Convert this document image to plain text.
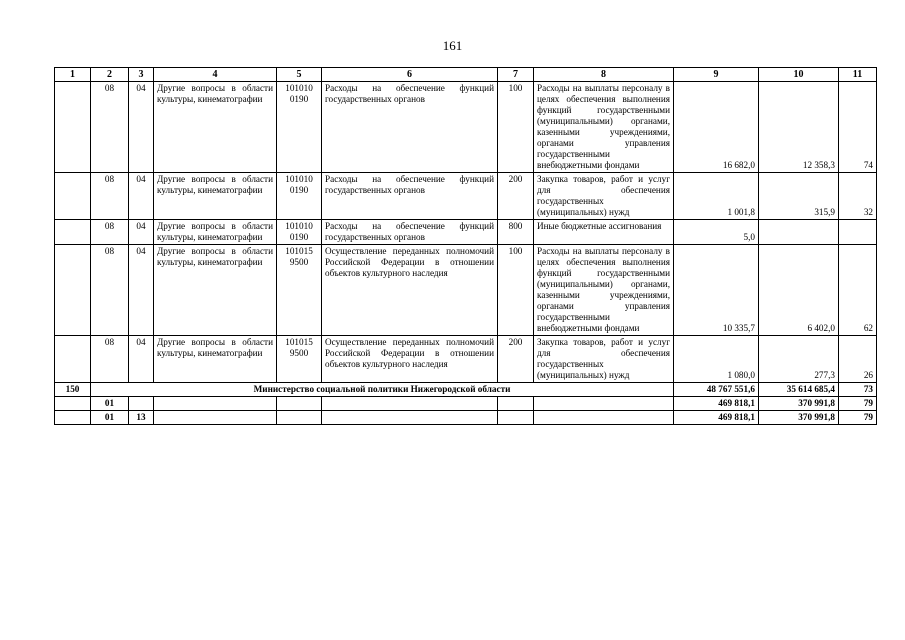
161
1	2	3	4	5	6	7	8	9	10	11
	08	04	Другие вопросы в области культуры, кинематографии	101010 0190	Расходы на обеспечение функций государственных органов	100	Расходы на выплаты персоналу в целях обеспечения выполнения функций государственными (муниципальными) органами, казенными учреждениями, органами управления государственными внебюджетными фондами	16 682,0	12 358,3	74
	08	04	Другие вопросы в области культуры, кинематографии	101010 0190	Расходы на обеспечение функций государственных органов	200	Закупка товаров, работ и услуг для обеспечения государственных (муниципальных) нужд	1 001,8	315,9	32
	08	04	Другие вопросы в области культуры, кинематографии	101010 0190	Расходы на обеспечение функций государственных органов	800	Иные бюджетные ассигнования	5,0		
	08	04	Другие вопросы в области культуры, кинематографии	101015 9500	Осуществление переданных полномочий Российской Федерации в отношении объектов культурного наследия	100	Расходы на выплаты персоналу в целях обеспечения выполнения функций государственными (муниципальными) органами, казенными учреждениями, органами управления государственными внебюджетными фондами	10 335,7	6 402,0	62
	08	04	Другие вопросы в области культуры, кинематографии	101015 9500	Осуществление переданных полномочий Российской Федерации в отношении объектов культурного наследия	200	Закупка товаров, работ и услуг для обеспечения государственных (муниципальных) нужд	1 080,0	277,3	26
150	Министерство социальной политики Нижегородской области							48 767 551,6	35 614 685,4	73
	01							469 818,1	370 991,8	79
	01	13						469 818,1	370 991,8	79
